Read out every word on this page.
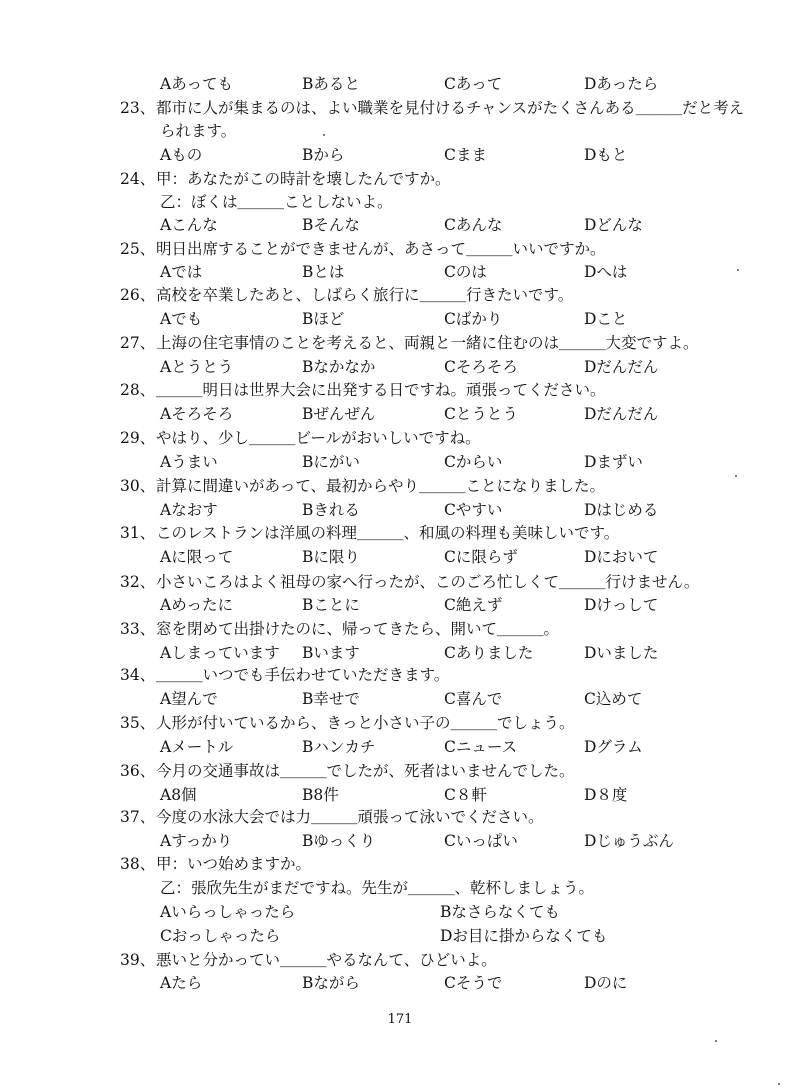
Aあっても	Bあると	Cあって	Dあったら
23、都市に人が集まるのは、よい職業を見付けるチャンスがたくさんある＿＿＿だと考え
られます。
Aもの	Bから	Cまま	Dもと
24、甲：あなたがこの時計を壊したんですか。
乙：ぼくは＿＿＿ことしないよ。
Aこんな	Bそんな	Cあんな	Dどんな
25、明日出席することができませんが、あさって＿＿＿いいですか。
Aでは	Bとは	Cのは	Dへは
26、高校を卒業したあと、しばらく旅行に＿＿＿行きたいです。
Aでも	Bほど	Cばかり	Dこと
27、上海の住宅事情のことを考えると、両親と一緒に住むのは＿＿＿大変ですよ。
Aとうとう	Bなかなか	Cそろそろ	Dだんだん
28、＿＿＿明日は世界大会に出発する日ですね。頑張ってください。
Aそろそろ	Bぜんぜん	Cとうとう	Dだんだん
29、やはり、少し＿＿＿ビールがおいしいですね。
Aうまい	Bにがい	Cからい	Dまずい
30、計算に間違いがあって、最初からやり＿＿＿ことになりました。
Aなおす	Bきれる	Cやすい	Dはじめる
31、このレストランは洋風の料理＿＿＿、和風の料理も美味しいです。
Aに限って	Bに限り	Cに限らず	Dにおいて
32、小さいころはよく祖母の家へ行ったが、このごろ忙しくて＿＿＿行けません。
Aめったに	Bことに	C絶えず	Dけっして
33、窓を閉めて出掛けたのに、帰ってきたら、開いて＿＿＿。
Aしまっています Bいます	Cありました	Dいました
34、＿＿＿いつでも手伝わせていただきます。
A望んで	B幸せで	C喜んで	C込めて
35、人形が付いているから、きっと小さい子の＿＿＿でしょう。
Aメートル	Bハンカチ	Cニュース	Dグラム
36、今月の交通事故は＿＿＿でしたが、死者はいませんでした。
A8個	B8件	C８軒	D８度
37、今度の水泳大会では力＿＿＿頑張って泳いでください。
Aすっかり	Bゆっくり	Cいっぱい	Dじゅうぶん
38、甲：いつ始めますか。
乙：張欣先生がまだですね。先生が＿＿＿、乾杯しましょう。
Aいらっしゃったら	Bなさらなくても
Cおっしゃったら	Dお目に掛からなくても
39、悪いと分かってい＿＿＿やるなんて、ひどいよ。
Aたら	Bながら	Cそうで	Dのに
171
